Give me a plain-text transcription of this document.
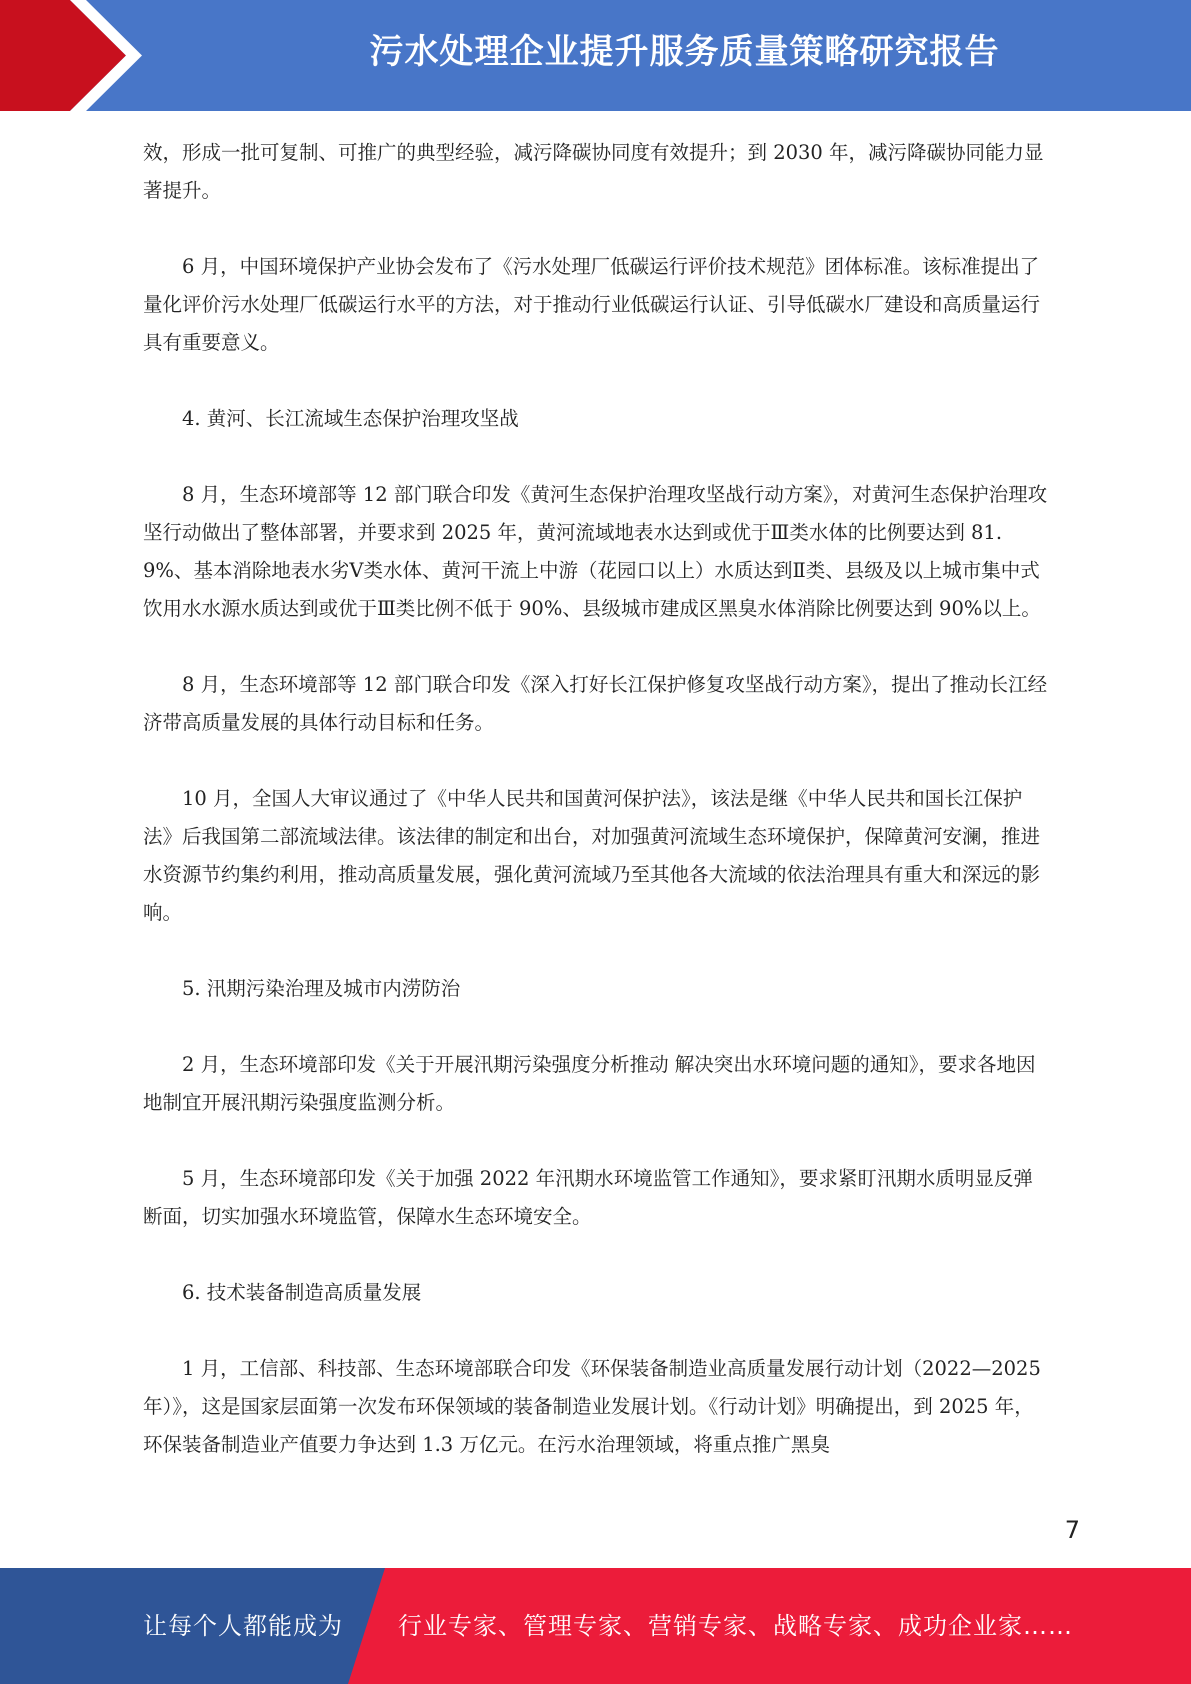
污水处理企业提升服务质量策略研究报告

效，形成一批可复制、可推广的典型经验，减污降碳协同度有效提升；到 2030 年，减污降碳协同能力显著提升。

6 月，中国环境保护产业协会发布了《污水处理厂低碳运行评价技术规范》团体标准。该标准提出了量化评价污水处理厂低碳运行水平的方法，对于推动行业低碳运行认证、引导低碳水厂建设和高质量运行具有重要意义。

4. 黄河、长江流域生态保护治理攻坚战

8 月，生态环境部等 12 部门联合印发《黄河生态保护治理攻坚战行动方案》，对黄河生态保护治理攻坚行动做出了整体部署，并要求到 2025 年，黄河流域地表水达到或优于Ⅲ类水体的比例要达到 81.9%、基本消除地表水劣Ⅴ类水体、黄河干流上中游（花园口以上）水质达到Ⅱ类、县级及以上城市集中式饮用水水源水质达到或优于Ⅲ类比例不低于 90%、县级城市建成区黑臭水体消除比例要达到 90%以上。

8 月，生态环境部等 12 部门联合印发《深入打好长江保护修复攻坚战行动方案》，提出了推动长江经济带高质量发展的具体行动目标和任务。

10 月，全国人大审议通过了《中华人民共和国黄河保护法》，该法是继《中华人民共和国长江保护法》后我国第二部流域法律。该法律的制定和出台，对加强黄河流域生态环境保护，保障黄河安澜，推进水资源节约集约利用，推动高质量发展，强化黄河流域乃至其他各大流域的依法治理具有重大和深远的影响。

5. 汛期污染治理及城市内涝防治

2 月，生态环境部印发《关于开展汛期污染强度分析推动 解决突出水环境问题的通知》，要求各地因地制宜开展汛期污染强度监测分析。

5 月，生态环境部印发《关于加强 2022 年汛期水环境监管工作通知》，要求紧盯汛期水质明显反弹断面，切实加强水环境监管，保障水生态环境安全。

6. 技术装备制造高质量发展

1 月，工信部、科技部、生态环境部联合印发《环保装备制造业高质量发展行动计划（2022—2025 年）》，这是国家层面第一次发布环保领域的装备制造业发展计划。《行动计划》明确提出，到 2025 年，环保装备制造业产值要力争达到 1.3 万亿元。在污水治理领域，将重点推广黑臭

7
让每个人都能成为 行业专家、管理专家、营销专家、战略专家、成功企业家……
